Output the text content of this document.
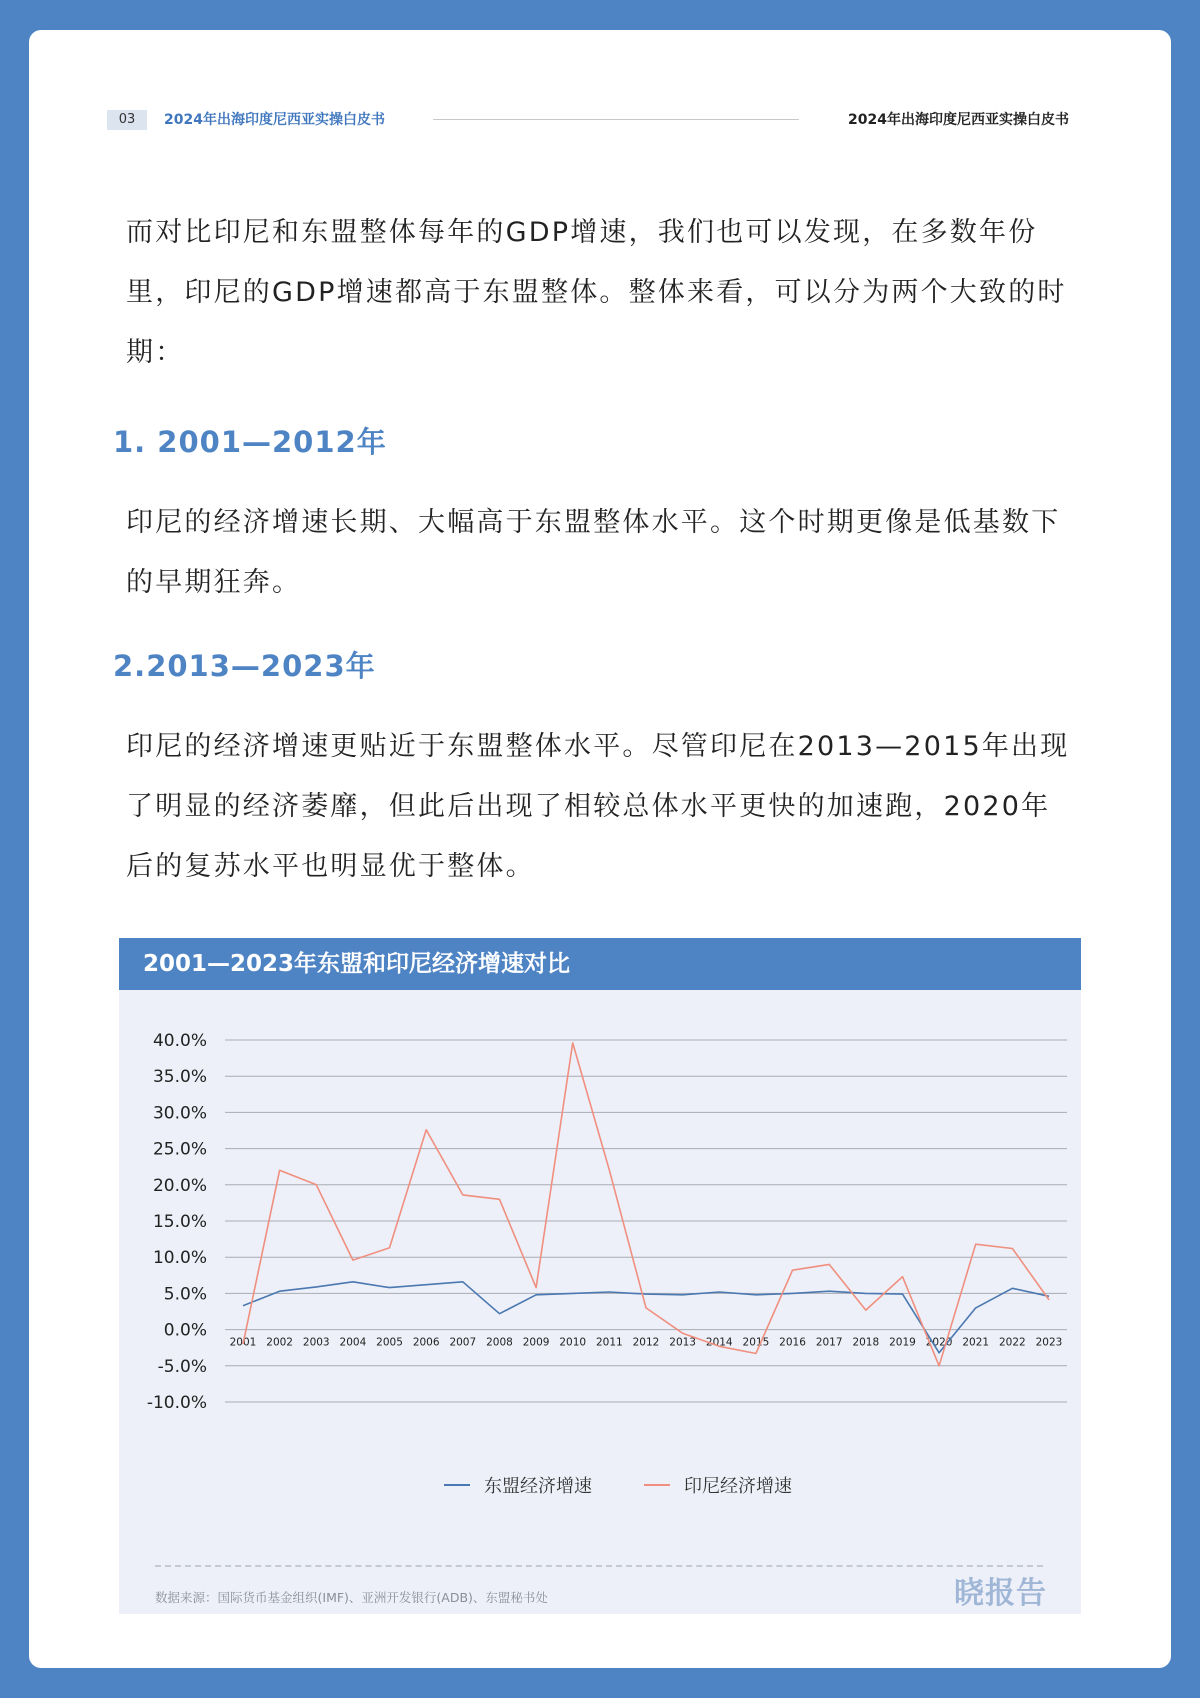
03	2024年出海印度尼西亚实操白皮书	2024年出海印度尼西亚实操白皮书

而对比印尼和东盟整体每年的GDP增速，我们也可以发现，在多数年份里，印尼的GDP增速都高于东盟整体。整体来看，可以分为两个大致的时期：

1. 2001—2012年

印尼的经济增速长期、大幅高于东盟整体水平。这个时期更像是低基数下的早期狂奔。

2.2013—2023年

印尼的经济增速更贴近于东盟整体水平。尽管印尼在2013—2015年出现了明显的经济萎靡，但此后出现了相较总体水平更快的加速跑，2020年后的复苏水平也明显优于整体。

2001—2023年东盟和印尼经济增速对比
40.0%
35.0%
30.0%
25.0%
20.0%
15.0%
10.0%
5.0%
0.0%
-5.0%
-10.0%
2001 2002 2003 2004 2005 2006 2007 2008 2009 2010 2011 2012 2013 2014 2015 2016 2017 2018 2019 2020 2021 2022 2023
东盟经济增速	印尼经济增速
数据来源：国际货币基金组织(IMF)、亚洲开发银行(ADB)、东盟秘书处	晓报告
